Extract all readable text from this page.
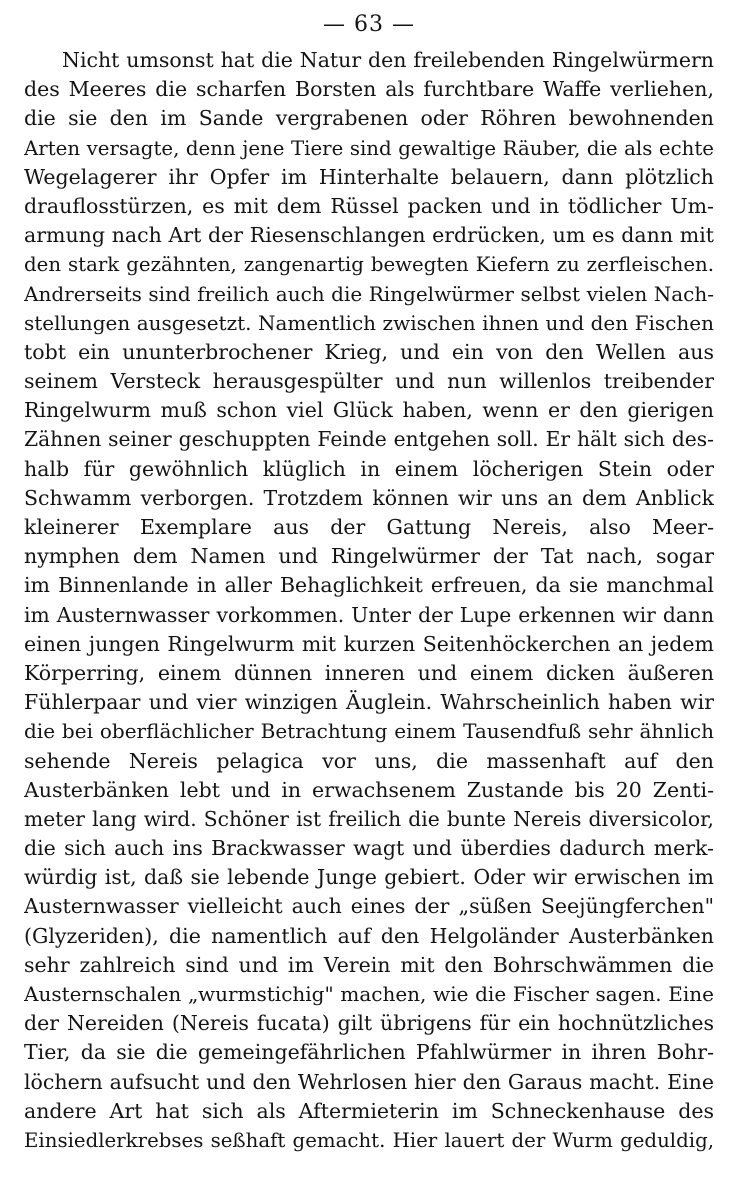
— 63 —
Nicht umsonst hat die Natur den freilebenden Ringelwürmern
des Meeres die scharfen Borsten als furchtbare Waffe verliehen,
die sie den im Sande vergrabenen oder Röhren bewohnenden
Arten versagte, denn jene Tiere sind gewaltige Räuber, die als echte
Wegelagerer ihr Opfer im Hinterhalte belauern, dann plötzlich
drauflosstürzen, es mit dem Rüssel packen und in tödlicher Um-
armung nach Art der Riesenschlangen erdrücken, um es dann mit
den stark gezähnten, zangenartig bewegten Kiefern zu zerfleischen.
Andrerseits sind freilich auch die Ringelwürmer selbst vielen Nach-
stellungen ausgesetzt. Namentlich zwischen ihnen und den Fischen
tobt ein ununterbrochener Krieg, und ein von den Wellen aus
seinem Versteck herausgespülter und nun willenlos treibender
Ringelwurm muß schon viel Glück haben, wenn er den gierigen
Zähnen seiner geschuppten Feinde entgehen soll. Er hält sich des-
halb für gewöhnlich klüglich in einem löcherigen Stein oder
Schwamm verborgen. Trotzdem können wir uns an dem Anblick
kleinerer Exemplare aus der Gattung Nereis, also Meer-
nymphen dem Namen und Ringelwürmer der Tat nach, sogar
im Binnenlande in aller Behaglichkeit erfreuen, da sie manchmal
im Austernwasser vorkommen. Unter der Lupe erkennen wir dann
einen jungen Ringelwurm mit kurzen Seitenhöckerchen an jedem
Körperring, einem dünnen inneren und einem dicken äußeren
Fühlerpaar und vier winzigen Äuglein. Wahrscheinlich haben wir
die bei oberflächlicher Betrachtung einem Tausendfuß sehr ähnlich
sehende Nereis pelagica vor uns, die massenhaft auf den
Austerbänken lebt und in erwachsenem Zustande bis 20 Zenti-
meter lang wird. Schöner ist freilich die bunte Nereis diversicolor,
die sich auch ins Brackwasser wagt und überdies dadurch merk-
würdig ist, daß sie lebende Junge gebiert. Oder wir erwischen im
Austernwasser vielleicht auch eines der „süßen Seejüngferchen"
(Glyzeriden), die namentlich auf den Helgoländer Austerbänken
sehr zahlreich sind und im Verein mit den Bohrschwämmen die
Austernschalen „wurmstichig" machen, wie die Fischer sagen. Eine
der Nereiden (Nereis fucata) gilt übrigens für ein hochnützliches
Tier, da sie die gemeingefährlichen Pfahlwürmer in ihren Bohr-
löchern aufsucht und den Wehrlosen hier den Garaus macht. Eine
andere Art hat sich als Aftermieterin im Schneckenhause des
Einsiedlerkrebses seßhaft gemacht. Hier lauert der Wurm geduldig,
